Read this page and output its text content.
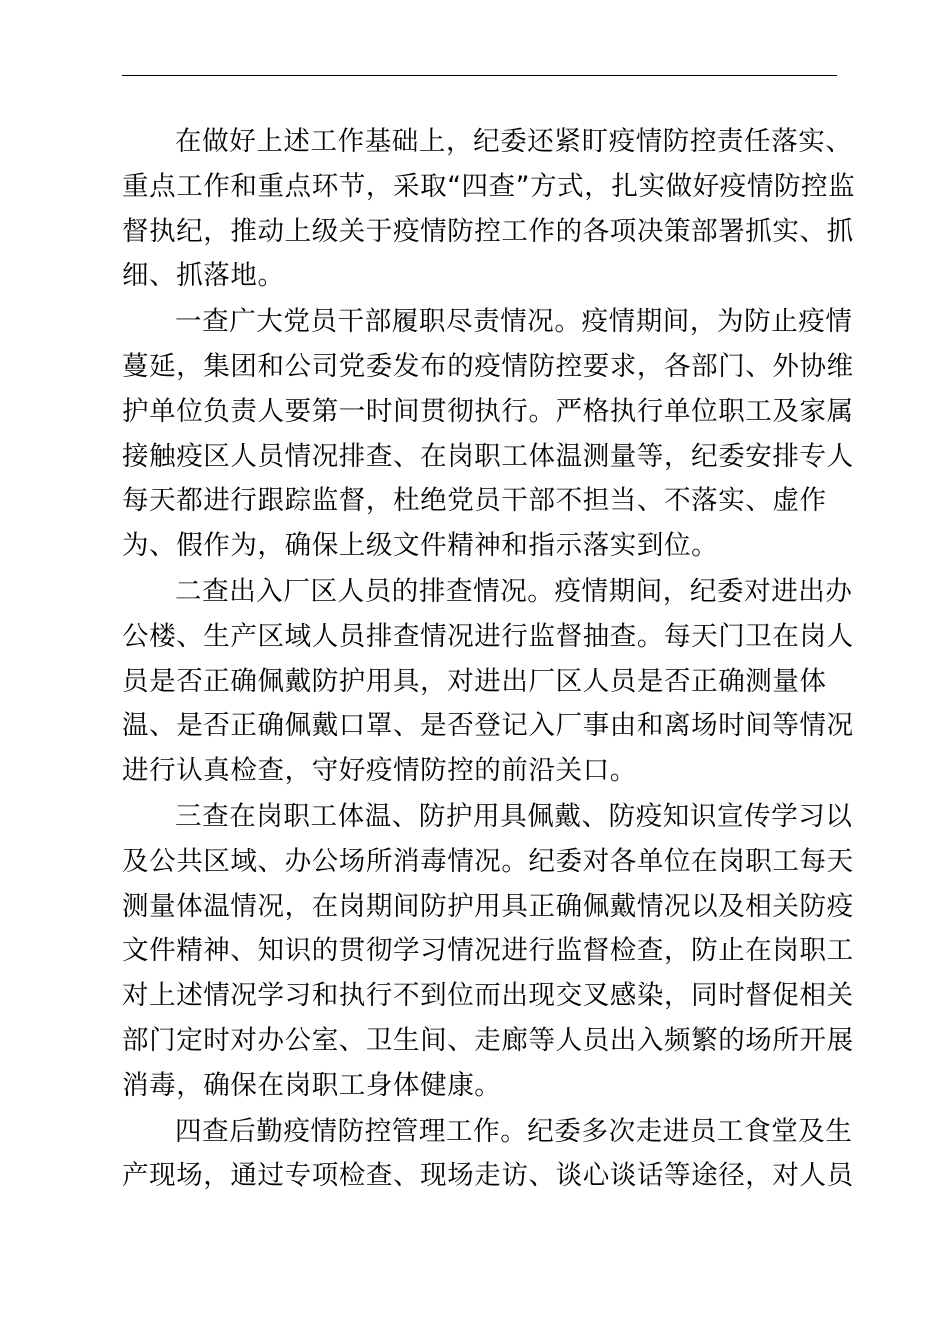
在做好上述工作基础上，纪委还紧盯疫情防控责任落实、重点工作和重点环节，采取“四查”方式，扎实做好疫情防控监督执纪，推动上级关于疫情防控工作的各项决策部署抓实、抓细、抓落地。

一查广大党员干部履职尽责情况。疫情期间，为防止疫情蔓延，集团和公司党委发布的疫情防控要求，各部门、外协维护单位负责人要第一时间贯彻执行。严格执行单位职工及家属接触疫区人员情况排查、在岗职工体温测量等，纪委安排专人每天都进行跟踪监督，杜绝党员干部不担当、不落实、虚作为、假作为，确保上级文件精神和指示落实到位。

二查出入厂区人员的排查情况。疫情期间，纪委对进出办公楼、生产区域人员排查情况进行监督抽查。每天门卫在岗人员是否正确佩戴防护用具，对进出厂区人员是否正确测量体温、是否正确佩戴口罩、是否登记入厂事由和离场时间等情况进行认真检查，守好疫情防控的前沿关口。

三查在岗职工体温、防护用具佩戴、防疫知识宣传学习以及公共区域、办公场所消毒情况。纪委对各单位在岗职工每天测量体温情况，在岗期间防护用具正确佩戴情况以及相关防疫文件精神、知识的贯彻学习情况进行监督检查，防止在岗职工对上述情况学习和执行不到位而出现交叉感染，同时督促相关部门定时对办公室、卫生间、走廊等人员出入频繁的场所开展消毒，确保在岗职工身体健康。

四查后勤疫情防控管理工作。纪委多次走进员工食堂及生产现场，通过专项检查、现场走访、谈心谈话等途径，对人员
